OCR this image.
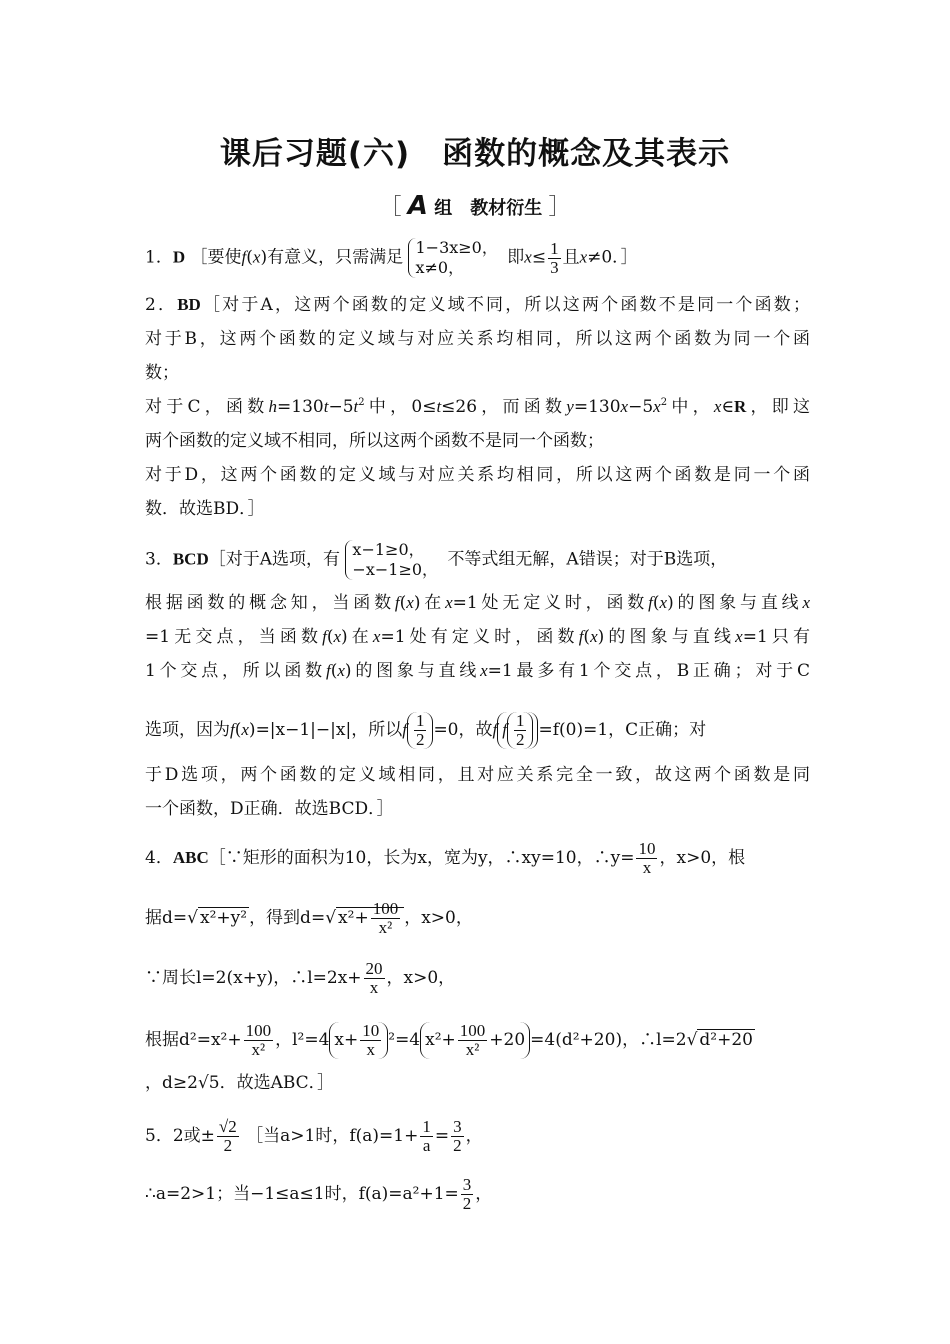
课后习题(六)　函数的概念及其表示
［ A 组　教材衍生 ］
1．D ［要使f(x)有意义，只需满足 1−3x≥0，
x≠0，	即$x\le \frac{1}{3}$ 且x≠0．］
2．BD［对于A，这两个函数的定义域不同，所以这两个函数不是同一个函数；
对于B，这两个函数的定义域与对应关系均相同，所以这两个函数为同一个函
数；
对于C，函数$h=130t-5t^2$中，0≤t≤26，而函数$y=130x-5x^2$中，x∈R，即这
两个函数的定义域不相同，所以这两个函数不是同一个函数；
对于D，这两个函数的定义域与对应关系均相同，所以这两个函数是同一个函
数．故选BD．］
3．BCD［对于A选项，有 x−1≥0，
−x−1≥0， 不等式组无解，A错误；对于B选项，
根据函数的概念知，当函数f(x)在x=1处无定义时，函数f(x)的图象与直线x
=1无交点，当函数f(x)在x=1处有定义时，函数f(x)的图象与直线x=1只有
1个交点，所以函数f(x)的图象与直线x=1最多有1个交点，B正确；对于C
选项，因为f(x)=|x−1|−|x|，所以f $\frac{1}{2} =0$，故f f $\frac{1}{2} =f(0)=1$，C正确；对
于D选项，两个函数的定义域相同，且对应关系完全一致，故这两个函数是同
一个函数，D正确．故选BCD．］
4．ABC［∵矩形的面积为10，长为x，宽为y，∴xy=10，∴y= $\frac{10}{x}$ ，x>0，根
据d=√ x²+y² ，得到d=√ $x^2+ \frac{100}{\text{x²}}$ ，x>0，
∵周长l=2(x+y)，∴l=2x+ $\frac{20}{x}$ ，x>0，
根据$d^2=x^2+ \frac{100}{\text{x²}}$ ，l²=4 $x+ \frac{10}{x} ^2=4$ $x^2+ \frac{100}{\text{x²}} +20 =4(d^2+20)$，∴l=2√ d²+20
，d≥2√5．故选ABC．］
5．2或± $\frac{√2}{2}$ ［当a>1时，$f(a)=1+ \frac{1}{a} = \frac{3}{2}$ ，
∴a=2>1；当−1≤a≤1时，$f(a)=a^2+1= \frac{3}{2}$ ，
